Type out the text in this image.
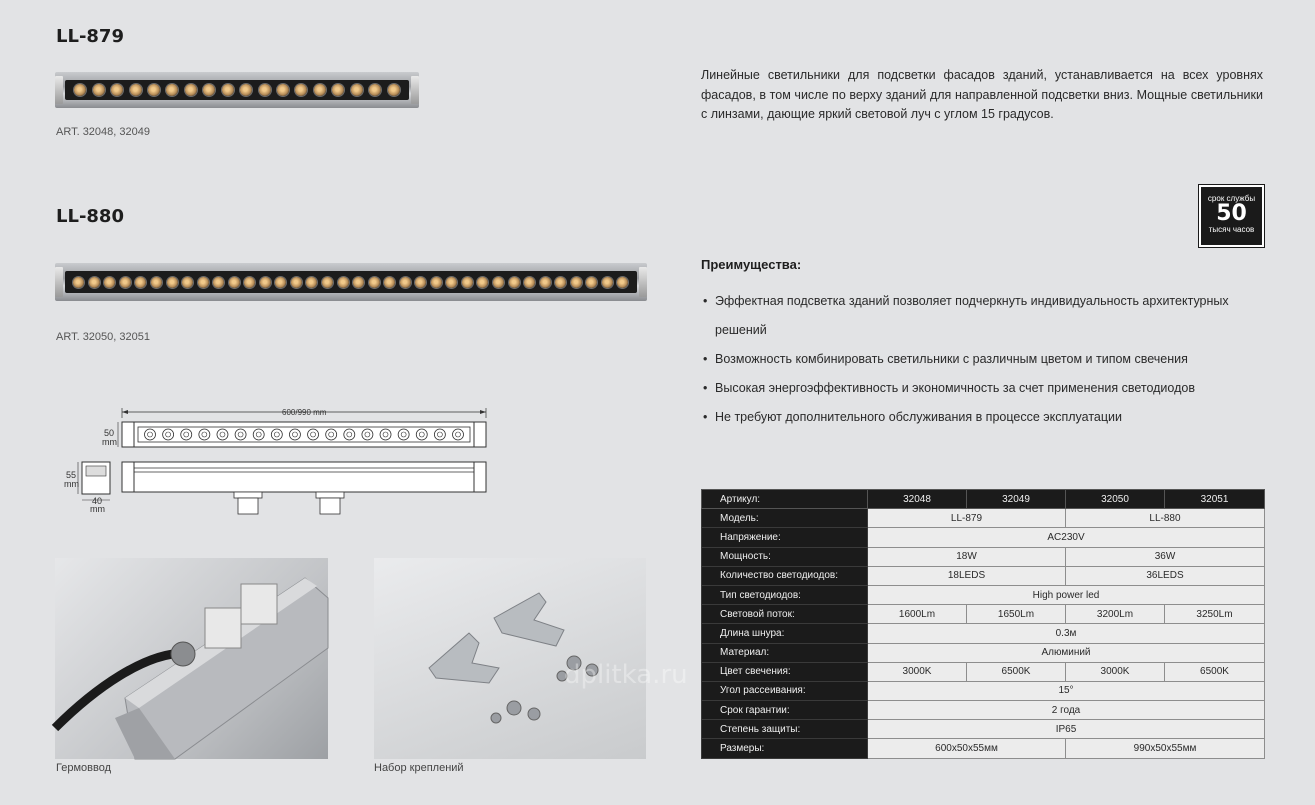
LL-879
ART. 32048, 32049
LL-880
ART. 32050, 32051
Линейные светильники для подсветки фасадов зданий, устанавливается на всех уровнях фасадов, в том числе по верху зданий для направленной подсветки вниз. Мощные светильники с линзами, дающие яркий световой луч с углом 15 градусов.
срок службы
50
тысяч часов
Преимущества:
• Эффектная подсветка зданий позволяет подчеркнуть индивидуальность архитектурных решений
• Возможность комбинировать светильники с различным цветом и типом свечения
• Высокая энергоэффективность и экономичность за счет применения светодиодов
• Не требуют дополнительного обслуживания в процессе эксплуатации
600/990 mm
50
mm
55
mm
40
mm
Гермоввод
dplitka.ru
Набор креплений
Артикул:	32048	32049	32050	32051
Модель:	LL-879		LL-880	
Напряжение:	AC230V			
Мощность:	18W		36W	
Количество светодиодов:	18LEDS		36LEDS	
Тип светодиодов:	High power led			
Световой поток:	1600Lm	1650Lm	3200Lm	3250Lm
Длина шнура:	0.3м			
Материал:	Алюминий			
Цвет свечения:	3000K	6500K	3000K	6500K
Угол рассеивания:	15°			
Срок гарантии:	2 года			
Степень защиты:	IP65			
Размеры:	600x50x55мм		990x50x55мм	
